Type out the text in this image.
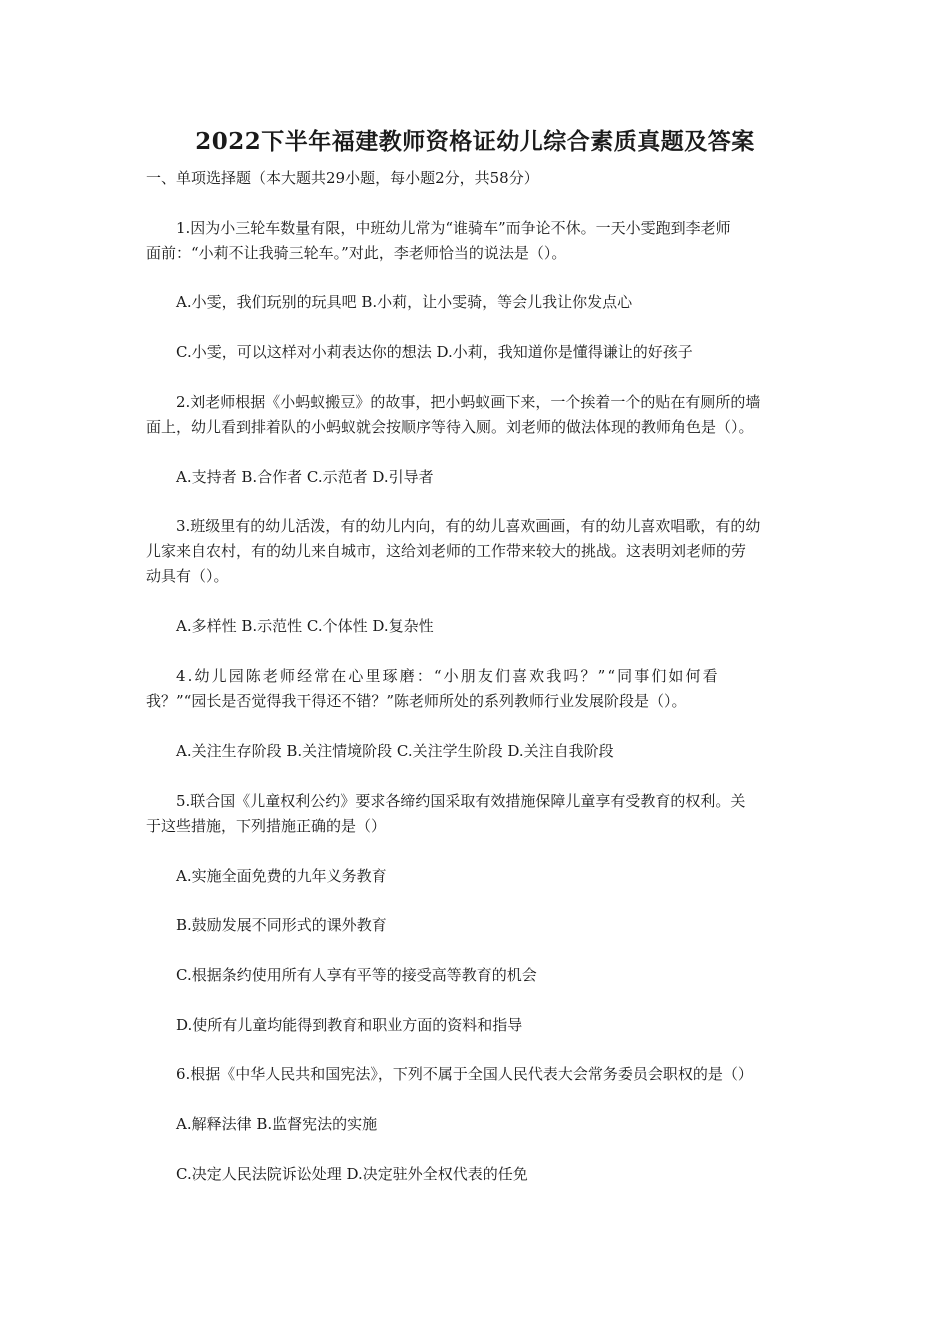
2022下半年福建教师资格证幼儿综合素质真题及答案
一、单项选择题（本大题共29小题，每小题2分，共58分）
1.因为小三轮车数量有限，中班幼儿常为“谁骑车”而争论不休。一天小雯跑到李老师
面前：“小莉不让我骑三轮车。”对此，李老师恰当的说法是（）。
A.小雯，我们玩别的玩具吧 B.小莉，让小雯骑，等会儿我让你发点心
C.小雯，可以这样对小莉表达你的想法 D.小莉，我知道你是懂得谦让的好孩子
2.刘老师根据《小蚂蚁搬豆》的故事，把小蚂蚁画下来，一个挨着一个的贴在有厕所的墙
面上，幼儿看到排着队的小蚂蚁就会按顺序等待入厕。刘老师的做法体现的教师角色是（）。
A.支持者 B.合作者 C.示范者 D.引导者
3.班级里有的幼儿活泼，有的幼儿内向，有的幼儿喜欢画画，有的幼儿喜欢唱歌，有的幼
儿家来自农村，有的幼儿来自城市，这给刘老师的工作带来较大的挑战。这表明刘老师的劳
动具有（）。
A.多样性 B.示范性 C.个体性 D.复杂性
4.幼儿园陈老师经常在心里琢磨：“小朋友们喜欢我吗？”“同事们如何看
我？”“园长是否觉得我干得还不错？”陈老师所处的系列教师行业发展阶段是（）。
A.关注生存阶段 B.关注情境阶段 C.关注学生阶段 D.关注自我阶段
5.联合国《儿童权利公约》要求各缔约国采取有效措施保障儿童享有受教育的权利。关
于这些措施，下列措施正确的是（）
A.实施全面免费的九年义务教育
B.鼓励发展不同形式的课外教育
C.根据条约使用所有人享有平等的接受高等教育的机会
D.使所有儿童均能得到教育和职业方面的资料和指导
6.根据《中华人民共和国宪法》，下列不属于全国人民代表大会常务委员会职权的是（）
A.解释法律 B.监督宪法的实施
C.决定人民法院诉讼处理 D.决定驻外全权代表的任免
